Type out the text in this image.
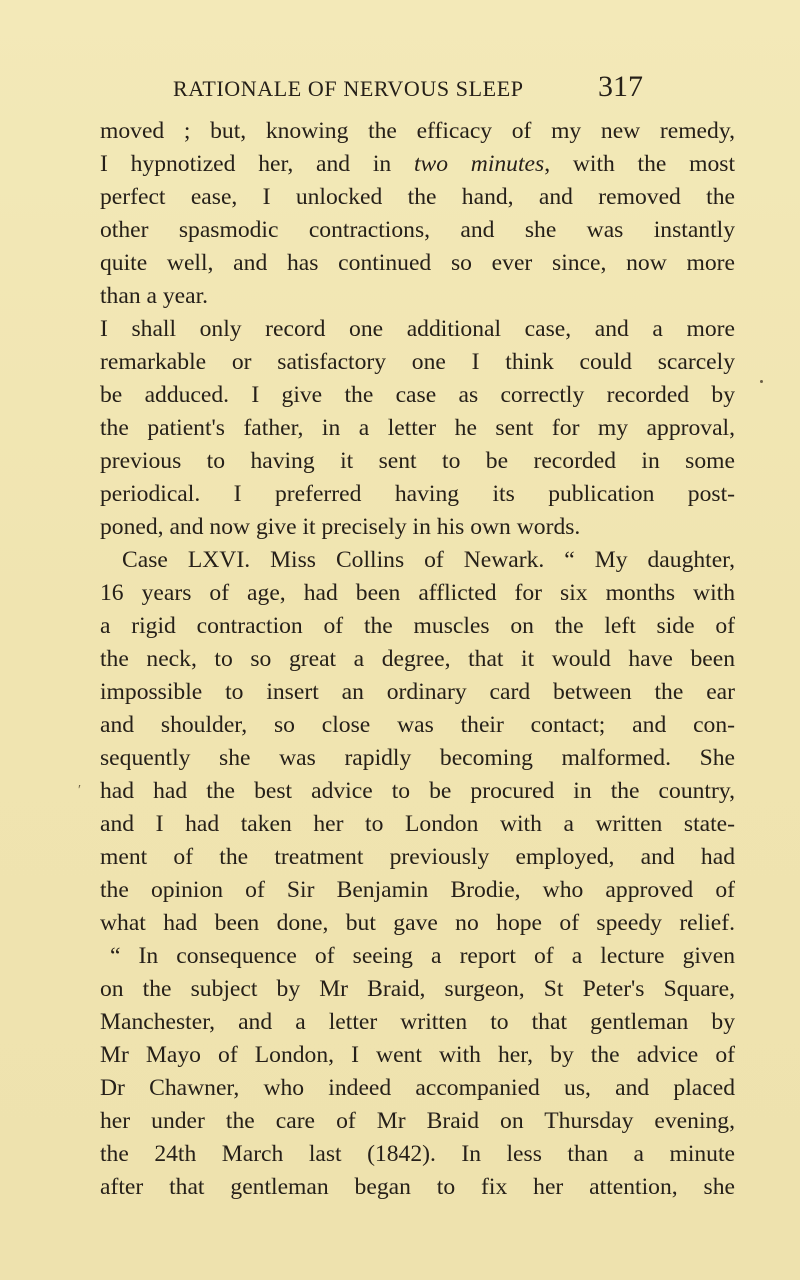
RATIONALE OF NERVOUS SLEEP 317
′
moved ; but, knowing the efficacy of my new remedy,
I hypnotized her, and in two minutes, with the most
perfect ease, I unlocked the hand, and removed the
other spasmodic contractions, and she was instantly
quite well, and has continued so ever since, now more
than a year.
I shall only record one additional case, and a more
remarkable or satisfactory one I think could scarcely
be adduced. I give the case as correctly recorded by
the patient's father, in a letter he sent for my approval,
previous to having it sent to be recorded in some
periodical. I preferred having its publication post-
poned, and now give it precisely in his own words.
Case LXVI. Miss Collins of Newark. “ My daughter,
16 years of age, had been afflicted for six months with
a rigid contraction of the muscles on the left side of
the neck, to so great a degree, that it would have been
impossible to insert an ordinary card between the ear
and shoulder, so close was their contact; and con-
sequently she was rapidly becoming malformed. She
had had the best advice to be procured in the country,
and I had taken her to London with a written state-
ment of the treatment previously employed, and had
the opinion of Sir Benjamin Brodie, who approved of
what had been done, but gave no hope of speedy relief.
“ In consequence of seeing a report of a lecture given
on the subject by Mr Braid, surgeon, St Peter's Square,
Manchester, and a letter written to that gentleman by
Mr Mayo of London, I went with her, by the advice of
Dr Chawner, who indeed accompanied us, and placed
her under the care of Mr Braid on Thursday evening,
the 24th March last (1842). In less than a minute
after that gentleman began to fix her attention, she
